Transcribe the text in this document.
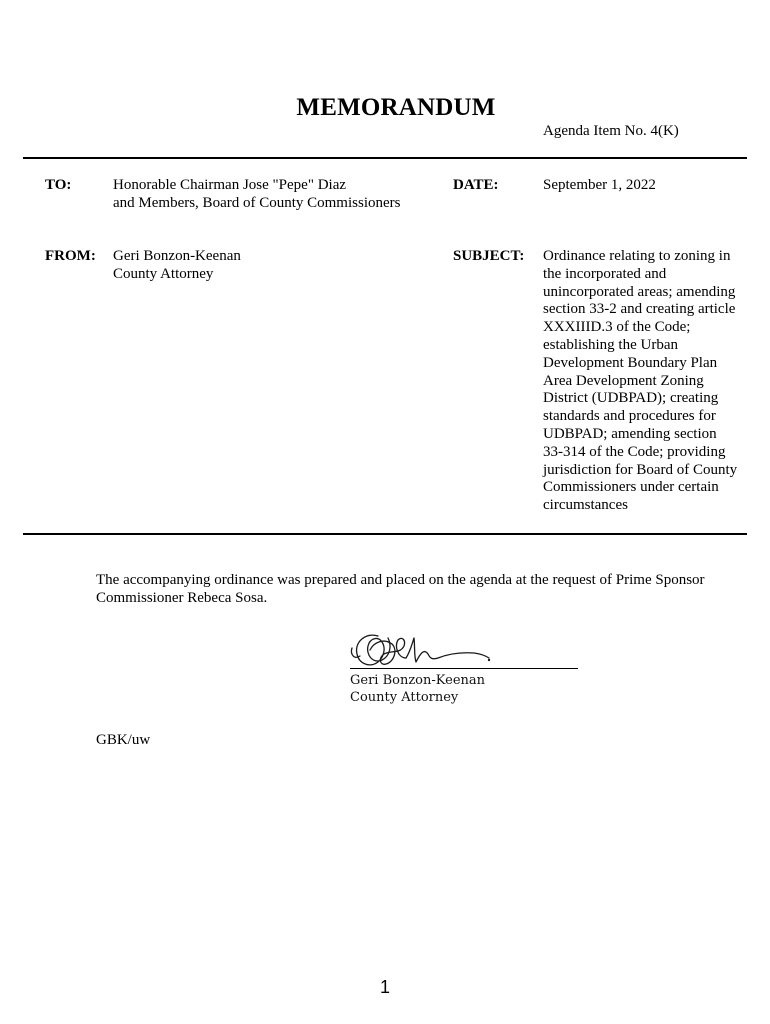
MEMORANDUM
Agenda Item No. 4(K)
TO:	Honorable Chairman Jose "Pepe" Diaz
and Members, Board of County Commissioners
DATE:	September 1, 2022
FROM: Geri Bonzon-Keenan
County Attorney
SUBJECT: Ordinance relating to zoning in
the incorporated and
unincorporated areas; amending
section 33-2 and creating article
XXXIIID.3 of the Code;
establishing the Urban
Development Boundary Plan
Area Development Zoning
District (UDBPAD); creating
standards and procedures for
UDBPAD; amending section
33-314 of the Code; providing
jurisdiction for Board of County
Commissioners under certain
circumstances
The accompanying ordinance was prepared and placed on the agenda at the request of Prime Sponsor
Commissioner Rebeca Sosa.
Geri Bonzon-Keenan
County Attorney
GBK/uw
1
